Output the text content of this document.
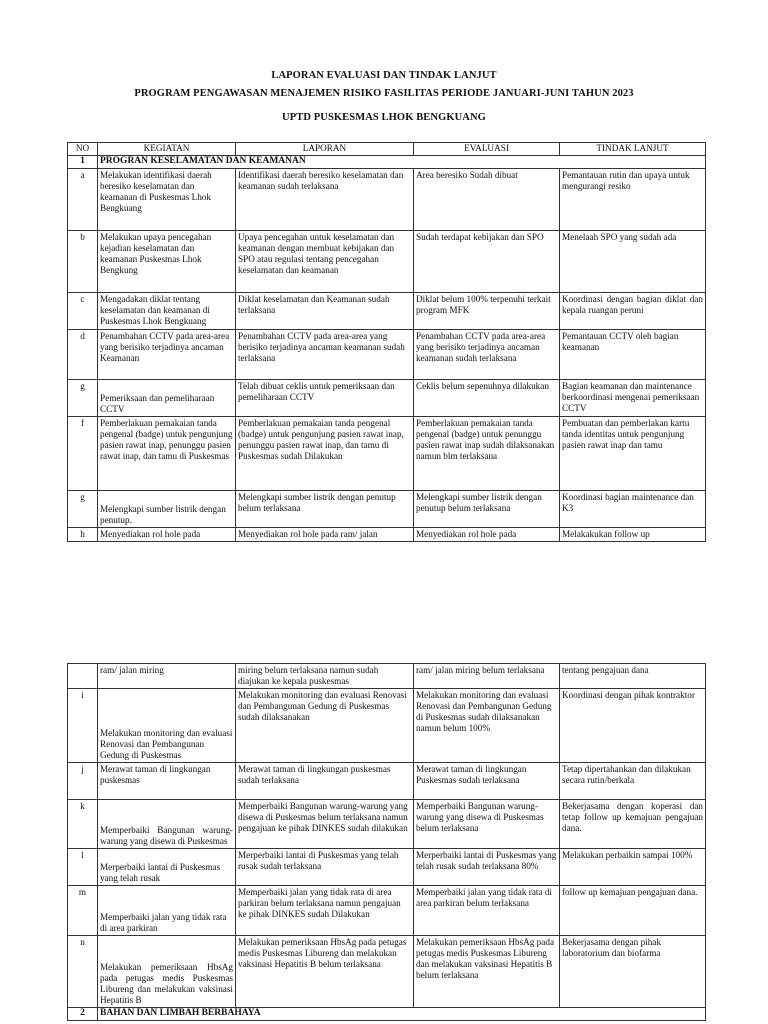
LAPORAN EVALUASI DAN TINDAK LANJUT
PROGRAM PENGAWASAN MENAJEMEN RISIKO FASILITAS PERIODE JANUARI-JUNI TAHUN 2023
UPTD PUSKESMAS LHOK BENGKUANG
NO	KEGIATAN	LAPORAN	EVALUASI	TINDAK LANJUT
1	PROGRAN KESELAMATAN DAN KEAMANAN			
a	Melakukan identifikasi daerah beresiko keselamatan dan keamanan di Puskesmas Lhok Bengkuang	Identifikasi daerah beresiko keselamatan dan keamanan sudah terlaksana	Area beresiko Sudah dibuat	Pemantauan rutin dan upaya untuk mengurangi resiko
b	Melakukan upaya pencegahan kejadian keselamatan dan keamanan Puskesmas Lhok Bengkung	Upaya pencegahan untuk keselamatan dan keamanan dengan membuat kebijakan dan SPO atau regulasi tentang pencegahan keselamatan dan keamanan	Sudah terdapat kebijakan dan SPO	Menelaah SPO yang sudah ada
c	Mengadakan diklat tentang keselamatan dan keamanan di Puskesmas Lhok Bengkuang	Diklat keselamatan dan Keamanan sudah terlaksana	Diklat belum 100% terpenuhi terkait program MFK	Koordinasi dengan bagian diklat dan kepala ruangan peruni
d	Penambahan CCTV pada area-area yang berisiko terjadinya ancaman Keamanan	Penambahan CCTV pada area-area yang berisiko terjadinya ancaman keamanan sudah terlaksana	Penambahan CCTV pada area-area yang berisiko terjadinya ancaman keamanan sudah terlaksana	Pemantauan CCTV oleh bagian keamanan
g	Pemeriksaan dan pemeliharaan CCTV	Telah dibuat ceklis untuk pemeriksaan dan pemeliharaan CCTV	Ceklis belum sepenuhnya dilakukan	Bagian keamanan dan maintenance berkoordinasi mengenai pemeriksaan CCTV
f	Pemberlakuan pemakaian tanda pengenal (badge) untuk pengunjung pasien rawat inap, penunggu pasien rawat inap, dan tamu di Puskesmas	Pemberlakuan pemakaian tanda pengenal (badge) untuk pengunjung pasien rawat inap, penunggu pasien rawat inap, dan tamu di Puskesmas sudah Dilakukan	Pemberlakuan pemakaian tanda pengenal (badge) untuk penunggu pasien rawat inap sudah dilaksanakan namun blm terlaksana	Pembuatan dan pemberlakan kartu tanda identitas untuk pengunjung pasien rawat inap dan tamu
g	Melengkapi sumber listrik dengan penutup.	Melengkapi sumber listrik dengan penutup belum terlaksana	Melengkapi sumber listrik dengan penutup belum terlaksana	Koordinasi bagian maintenance dan K3
h	Menyediakan rol hole pada	Menyediakan rol hole pada ram/ jalan	Menyediakan rol hole pada	Melakakukan follow up
	ram/ jalan miring	miring belum terlaksana namun sudah diajukan ke kepala puskesmas	ram/ jalan miring belum terlaksana	tentang pengajuan dana
i	Melakukan monitoring dan evaluasi Renovasi dan Pembangunan Gedung di Puskesmas	Melakukan monitoring dan evaluasi Renovasi dan Pembangunan Gedung di Puskesmas sudah dilaksanakan	Melakukan monitoring dan evaluasi Renovasi dan Pembangunan Gedung di Puskesmas sudah dilaksanakan namun belum 100%	Koordinasi dengan pihak kontraktor
j	Merawat taman di lingkungan puskesmas	Merawat taman di lingkungan puskesmas sudah terlaksana	Merawat taman di lingkungan Puskesmas sudah terlaksana	Tetap dipertahankan dan dilakukan secara rutin/berkala
k	Memperbaiki Bangunan warung-warung yang disewa di Puskesmas	Memperbaiki Bangunan warung-warung yang disewa di Puskesmas belum terlaksana namun pengajuan ke pihak DINKES sudah dilakukan	Memperbaiki Bangunan warung-warung yang disewa di Puskesmas belum terlaksana	Bekerjasama dengan koperasi dan tetap follow up kemajuan pengajuan dana.
l	Merperbaiki lantai di Puskesmas yang telah rusak	Merperbaiki lantai di Puskesmas yang telah rusak sudah terlaksana	Merperbaiki lantai di Puskesmas yang telah rusak sudah terlaksana 80%	Melakukan perbaikin sampai 100%
m	Memperbaiki jalan yang tidak rata di area parkiran	Memperbaiki jalan yang tidak rata di area parkiran belum terlaksana namun pengajuan ke pihak DINKES sudah Dilakukan	Memperbaiki jalan yang tidak rata di area parkiran belum terlaksana	follow up kemajuan pengajuan dana.
n	Melakukan pemeriksaan HbsAg pada petugas medis Puskesmas Libureng dan melakukan vaksinasi Hepatitis B	Melakukan pemeriksaan HbsAg pada petugas medis Puskesmas Libureng dan melakukan vaksinasi Hepatitis B belum terlaksana	Melakukan pemeriksaan HbsAg pada petugas medis Puskesmas Libureng dan melakukan vaksinasi Hepatitis B belum terlaksana	Bekerjasama dengan pihak laboratorium dan biofarma
2	BAHAN DAN LIMBAH BERBAHAYA			
